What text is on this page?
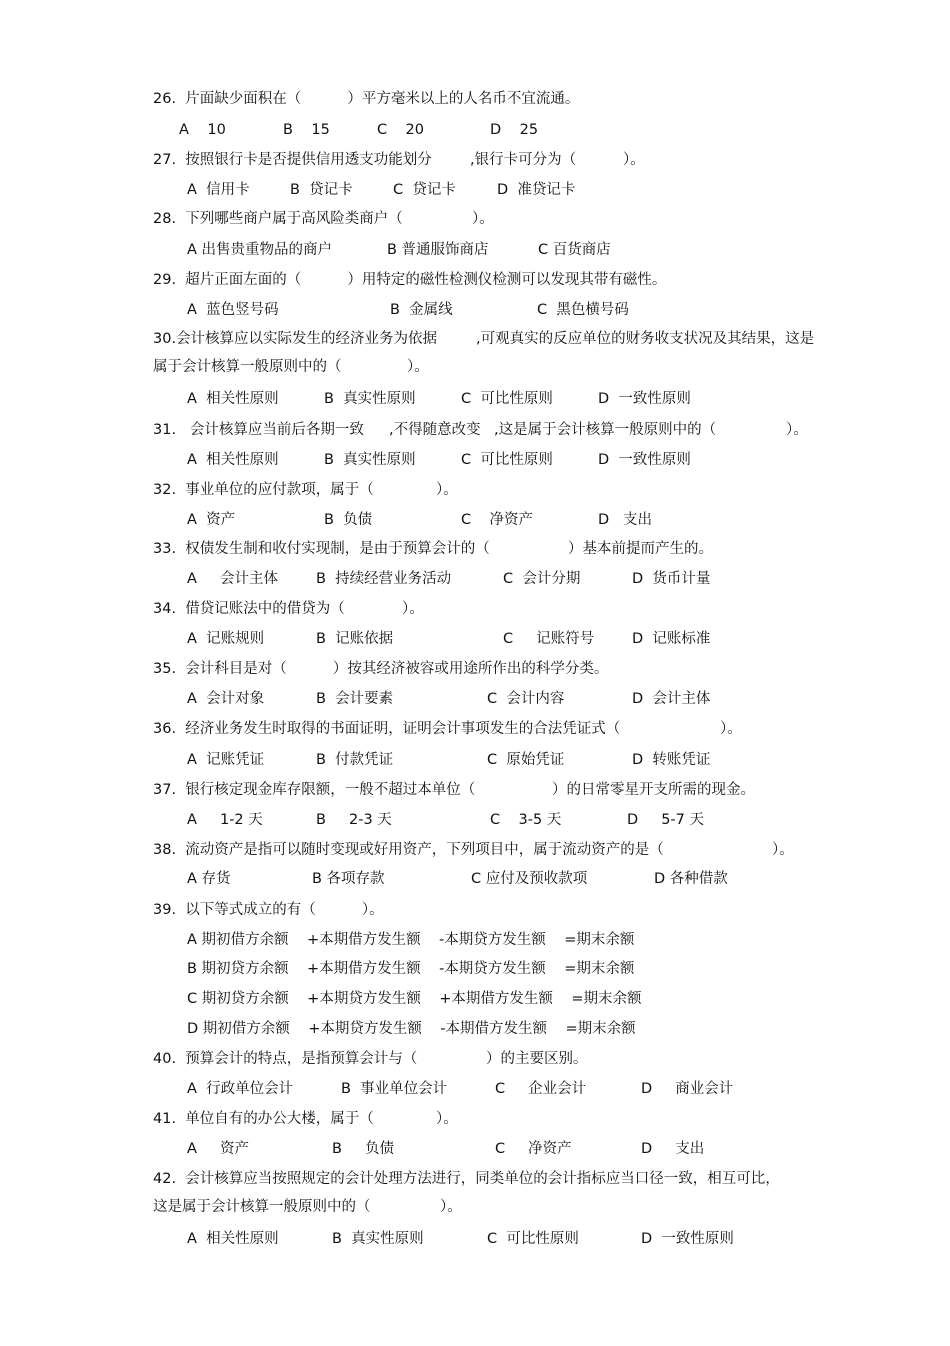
26.  片面缺少面积在（          ）平方毫米以上的人名币不宜流通。
A    10	B    15	C    20	D    25
27.  按照银行卡是否提供信用透支功能划分	,银行卡可分为（	）。
A  信用卡	B  贷记卡	C  贷记卡	D  准贷记卡
28.  下列哪些商户属于高风险类商户（	）。
A 出售贵重物品的商户	B 普通服饰商店	C 百货商店
29.  超片正面左面的（          ）用特定的磁性检测仪检测可以发现其带有磁性。
A  蓝色竖号码	B  金属线	C  黑色横号码
30.会计核算应以实际发生的经济业务为依据	,可观真实的反应单位的财务收支状况及其结果，这是
属于会计核算一般原则中的（	）。
A  相关性原则	B  真实性原则	C  可比性原则	D  一致性原则
31.   会计核算应当前后各期一致 ,不得随意改变 ,这是属于会计核算一般原则中的（	）。
A  相关性原则	B  真实性原则	C  可比性原则	D  一致性原则
32.  事业单位的应付款项，属于（	）。
A  资产	B  负债	C    净资产	D   支出
33.  权债发生制和收付实现制，是由于预算会计的（	）基本前提而产生的。
A     会计主体	B  持续经营业务活动	C  会计分期	D  货币计量
34.  借贷记账法中的借贷为（	）。
A  记账规则	B  记账依据	C     记账符号	D  记账标准
35.  会计科目是对（          ）按其经济被容或用途所作出的科学分类。
A  会计对象	B  会计要素	C  会计内容	D  会计主体
36.  经济业务发生时取得的书面证明，证明会计事项发生的合法凭证式（	）。
A  记账凭证	B  付款凭证	C  原始凭证	D  转账凭证
37.  银行核定现金库存限额，一般不超过本单位（	）的日常零星开支所需的现金。
A     1-2 天	B     2-3 天	C    3-5 天	D     5-7 天
38.  流动资产是指可以随时变现或好用资产，下列项目中，属于流动资产的是（	）。
A 存货	B 各项存款	C 应付及预收款项	D 各种借款
39.  以下等式成立的有（          ）。
A 期初借方余额    +本期借方发生额    -本期贷方发生额    =期末余额
B 期初贷方余额    +本期借方发生额    -本期贷方发生额    =期末余额
C 期初贷方余额    +本期贷方发生额    +本期借方发生额    =期末余额
D 期初借方余额    +本期贷方发生额    -本期借方发生额    =期末余额
40.  预算会计的特点，是指预算会计与（	）的主要区别。
A  行政单位会计	B  事业单位会计	C     企业会计	D     商业会计
41.  单位自有的办公大楼，属于（	）。
A     资产	B     负债	C     净资产	D     支出
42.  会计核算应当按照规定的会计处理方法进行，同类单位的会计指标应当口径一致，相互可比，
这是属于会计核算一般原则中的（	）。
A  相关性原则	B  真实性原则	C  可比性原则	D  一致性原则
